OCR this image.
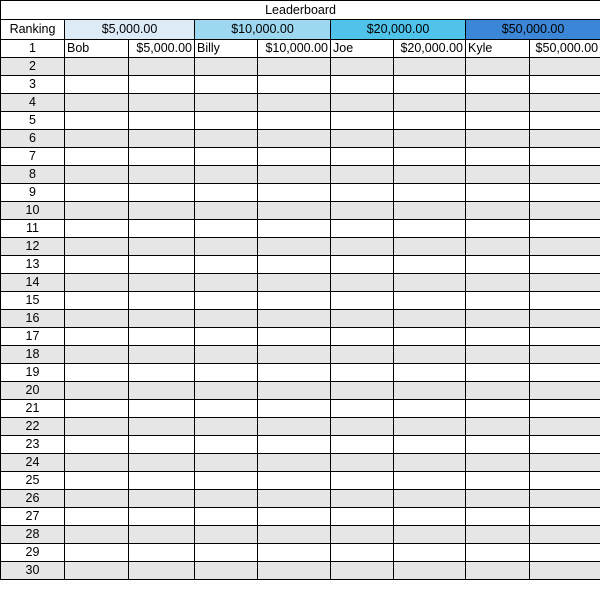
Leaderboard								
Ranking	$5,000.00		$10,000.00		$20,000.00		$50,000.00	
1	Bob	$5,000.00	Billy	$10,000.00	Joe	$20,000.00	Kyle	$50,000.00
2								
3								
4								
5								
6								
7								
8								
9								
10								
11								
12								
13								
14								
15								
16								
17								
18								
19								
20								
21								
22								
23								
24								
25								
26								
27								
28								
29								
30								
